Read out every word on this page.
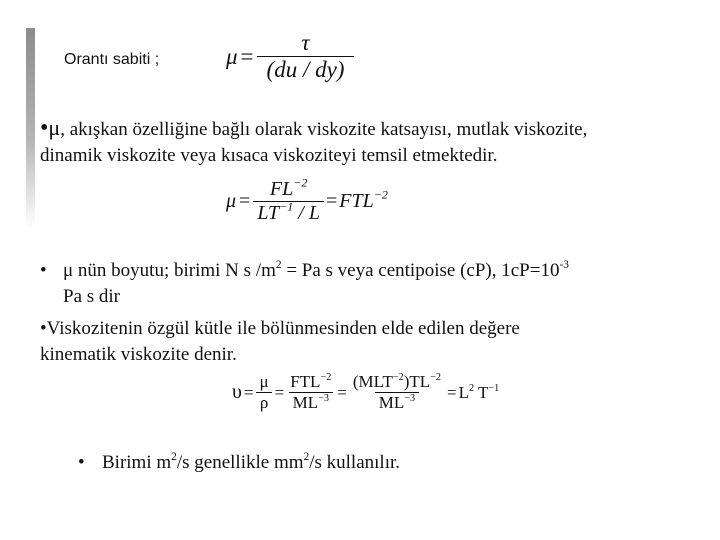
Orantı sabiti ;	$\mu = \frac{\tau}{(du / dy)}$
•μ, akışkan özelliğine bağlı olarak viskozite katsayısı, mutlak viskozite,
dinamik viskozite veya kısaca viskoziteyi temsil etmektedir.
$\mu = \frac{FL^{-2}}{LT^{-1} / L} = FTL^{-2}$
• μ nün boyutu; birimi N s $/m^2 = Pa$ s veya centipoise (cP), $1cP=10^{-3}$
Pa s dir
•Viskozitenin özgül kütle ile bölünmesinden elde edilen değere
kinematik viskozite denir.
$\upsilon = \frac{\mu}{\rho} = \frac{FTL^{-2}}{ML^{-3}} = \frac{(MLT^{-2})TL^{-2}}{ML^{-3}} = L^2$ $T^{-1}$
• Birimi $m^2/s$ genellikle $mm^2/s$ kullanılır.
